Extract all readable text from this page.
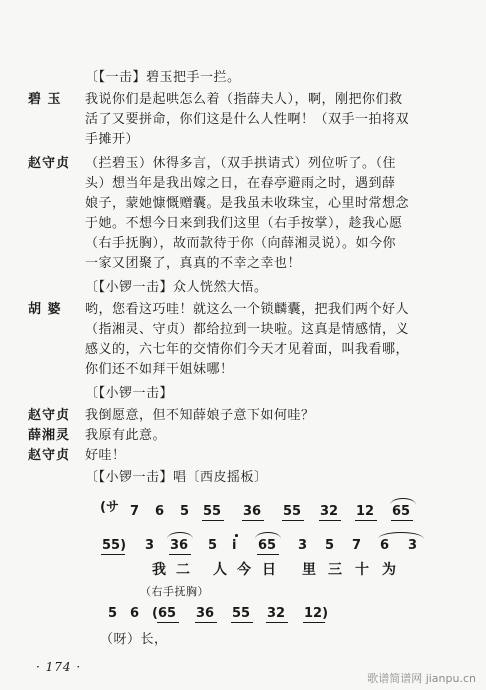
〔【一击】碧玉把手一拦。
碧 玉 我说你们是起哄怎么着（指薛夫人），啊，刚把你们救
活了又要拼命，你们这是什么人性啊！（双手一拍将双
手摊开）
赵守贞 （拦碧玉）休得多言，（双手拱请式）列位听了。（住
头）想当年是我出嫁之日，在春亭避雨之时，遇到薛
娘子，蒙她慷慨赠囊。是我虽未收珠宝，心里时常想念
于她。不想今日来到我们这里（右手按掌），趁我心愿
（右手抚胸），故而款待于你（向薛湘灵说）。如今你
一家又团聚了，真真的不幸之幸也！
〔【小锣一击】众人恍然大悟。
胡 婆 哟，您看这巧哇！就这么一个锁麟囊，把我们两个好人
（指湘灵、守贞）都给拉到一块啦。这真是情感情，义
感义的，六七年的交情你们今天才见着面，叫我看哪，
你们还不如拜干姐妹哪！
〔【小锣一击】
赵守贞 我倒愿意，但不知薛娘子意下如何哇？
薛湘灵 我原有此意。
赵守贞 好哇！
〔【小锣一击】唱〔西皮摇板〕
(サ 7 6 5 55 36 55 32 12 65
55) 3 36 5 i 65 3 5 7 6 3
我 二 人 今 日 里 三 十 为
（右手抚胸）
5 6 (65 36 55 32 12)
（呀）长，
· 174 ·
歌谱简谱网 jianpu.cn
